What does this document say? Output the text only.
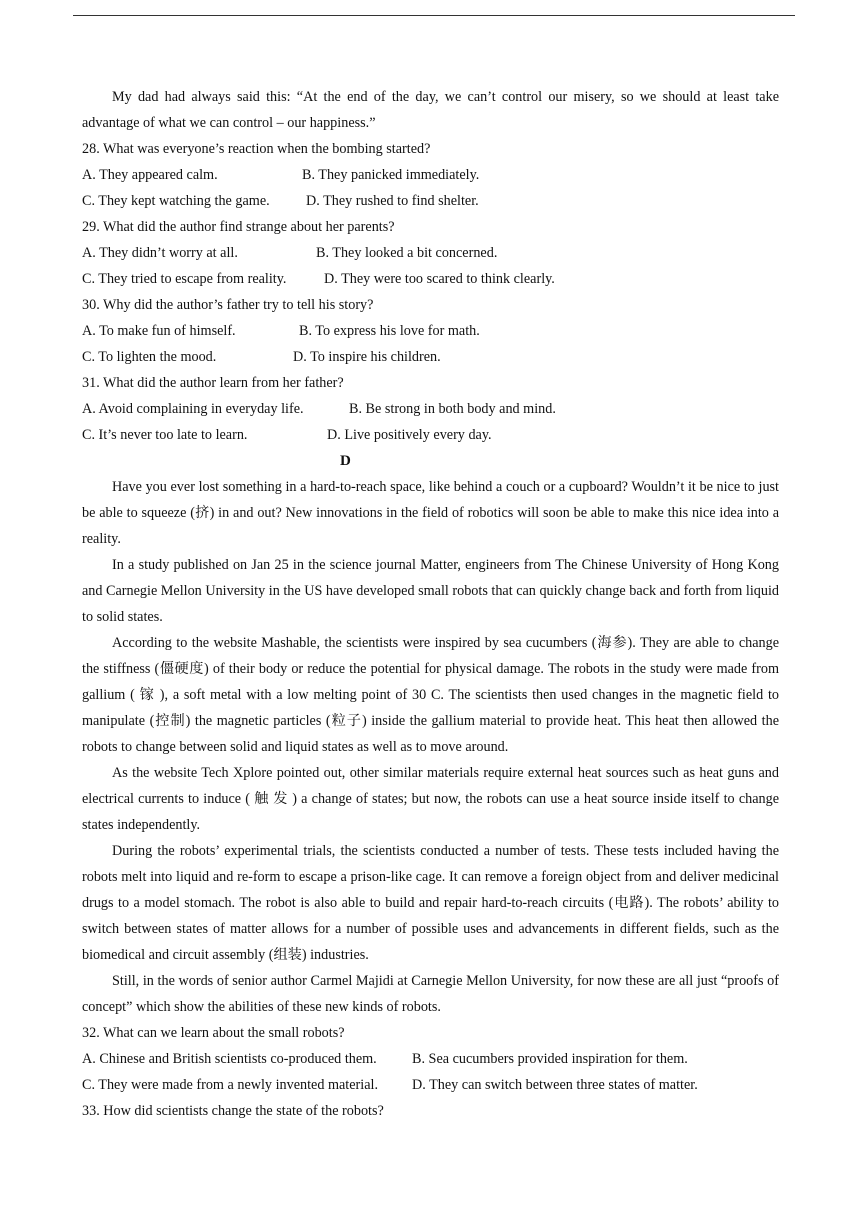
My dad had always said this: “At the end of the day, we can’t control our misery, so we should at least take advantage of what we can control – our happiness.”
28. What was everyone’s reaction when the bombing started?
A. They appeared calm.	B. They panicked immediately.
C. They kept watching the game.	D. They rushed to find shelter.
29. What did the author find strange about her parents?
A. They didn’t worry at all.	B. They looked a bit concerned.
C. They tried to escape from reality.	D. They were too scared to think clearly.
30. Why did the author’s father try to tell his story?
A. To make fun of himself.	B. To express his love for math.
C. To lighten the mood.	D. To inspire his children.
31. What did the author learn from her father?
A. Avoid complaining in everyday life.	B. Be strong in both body and mind.
C. It’s never too late to learn.	D. Live positively every day.
D
Have you ever lost something in a hard-to-reach space, like behind a couch or a cupboard? Wouldn’t it be nice to just be able to squeeze (挤) in and out? New innovations in the field of robotics will soon be able to make this nice idea into a reality.
In a study published on Jan 25 in the science journal Matter, engineers from The Chinese University of Hong Kong and Carnegie Mellon University in the US have developed small robots that can quickly change back and forth from liquid to solid states.
According to the website Mashable, the scientists were inspired by sea cucumbers (海参). They are able to change the stiffness (僵硬度) of their body or reduce the potential for physical damage. The robots in the study were made from gallium ( 镓 ), a soft metal with a low melting point of 30 C. The scientists then used changes in the magnetic field to manipulate (控制) the magnetic particles (粒子) inside the gallium material to provide heat. This heat then allowed the robots to change between solid and liquid states as well as to move around.
As the website Tech Xplore pointed out, other similar materials require external heat sources such as heat guns and electrical currents to induce ( 触 发 ) a change of states; but now, the robots can use a heat source inside itself to change states independently.
During the robots’ experimental trials, the scientists conducted a number of tests. These tests included having the robots melt into liquid and re-form to escape a prison-like cage. It can remove a foreign object from and deliver medicinal drugs to a model stomach. The robot is also able to build and repair hard-to-reach circuits (电路). The robots’ ability to switch between states of matter allows for a number of possible uses and advancements in different fields, such as the biomedical and circuit assembly (组装) industries.
Still, in the words of senior author Carmel Majidi at Carnegie Mellon University, for now these are all just “proofs of concept” which show the abilities of these new kinds of robots.
32. What can we learn about the small robots?
A. Chinese and British scientists co-produced them. B. Sea cucumbers provided inspiration for them.
C. They were made from a newly invented material. D. They can switch between three states of matter.
33. How did scientists change the state of the robots?
